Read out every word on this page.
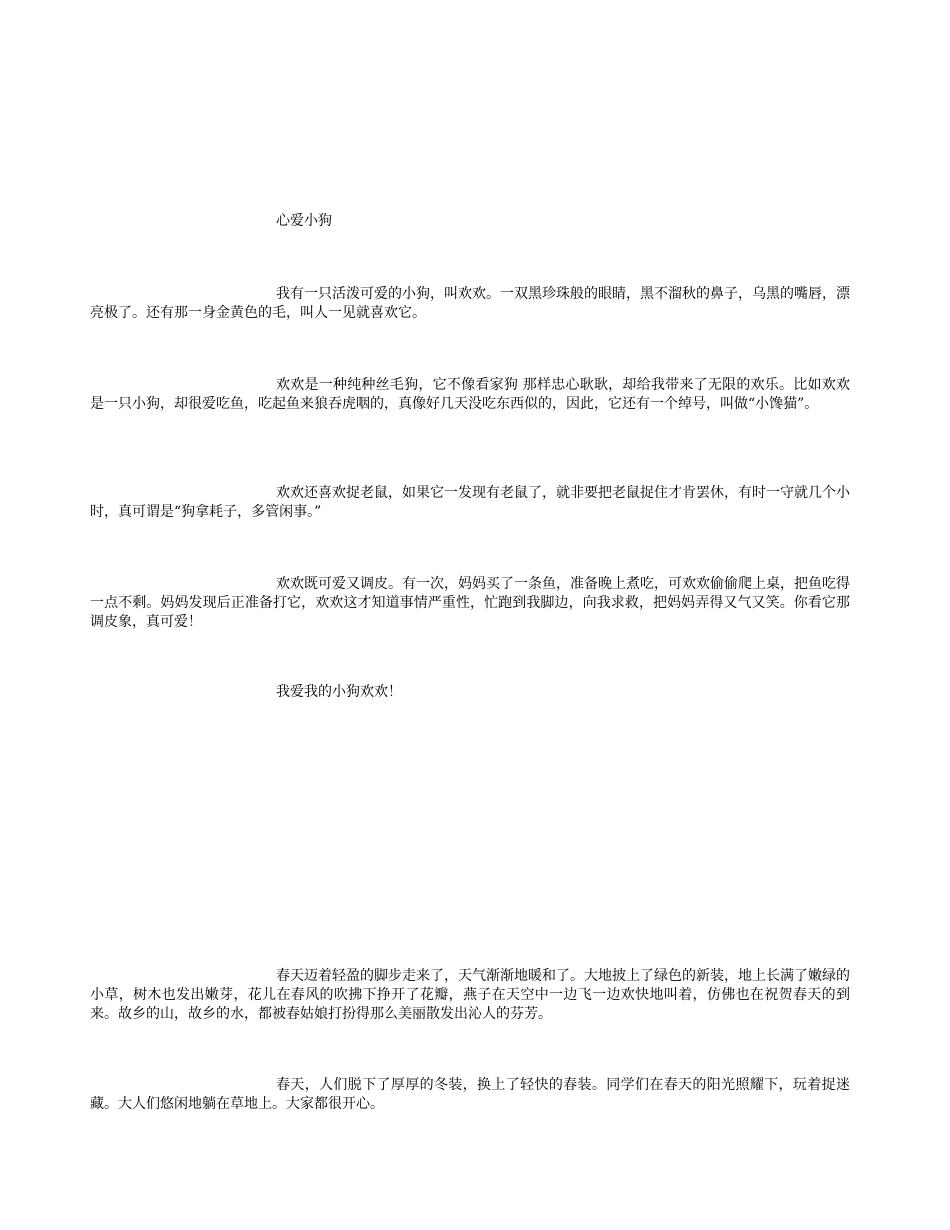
心爱小狗

我有一只活泼可爱的小狗，叫欢欢。一双黑珍珠般的眼睛，黑不溜秋的鼻子，乌黑的嘴唇，漂亮极了。还有那一身金黄色的毛，叫人一见就喜欢它。

欢欢是一种纯种丝毛狗，它不像看家狗 那样忠心耿耿，却给我带来了无限的欢乐。比如欢欢是一只小狗，却很爱吃鱼，吃起鱼来狼吞虎咽的，真像好几天没吃东西似的，因此，它还有一个绰号，叫做“小馋猫”。

欢欢还喜欢捉老鼠，如果它一发现有老鼠了，就非要把老鼠捉住才肯罢休，有时一守就几个小时，真可谓是“狗拿耗子，多管闲事。”

欢欢既可爱又调皮。有一次，妈妈买了一条鱼，准备晚上煮吃，可欢欢偷偷爬上桌，把鱼吃得一点不剩。妈妈发现后正准备打它，欢欢这才知道事情严重性，忙跑到我脚边，向我求救，把妈妈弄得又气又笑。你看它那调皮象，真可爱！

我爱我的小狗欢欢！

春天迈着轻盈的脚步走来了，天气渐渐地暖和了。大地披上了绿色的新装，地上长满了嫩绿的小草，树木也发出嫩芽，花儿在春风的吹拂下挣开了花瓣，燕子在天空中一边飞一边欢快地叫着，仿佛也在祝贺春天的到来。故乡的山，故乡的水，都被春姑娘打扮得那么美丽散发出沁人的芬芳。

春天，人们脱下了厚厚的冬装，换上了轻快的春装。同学们在春天的阳光照耀下，玩着捉迷藏。大人们悠闲地躺在草地上。大家都很开心。
